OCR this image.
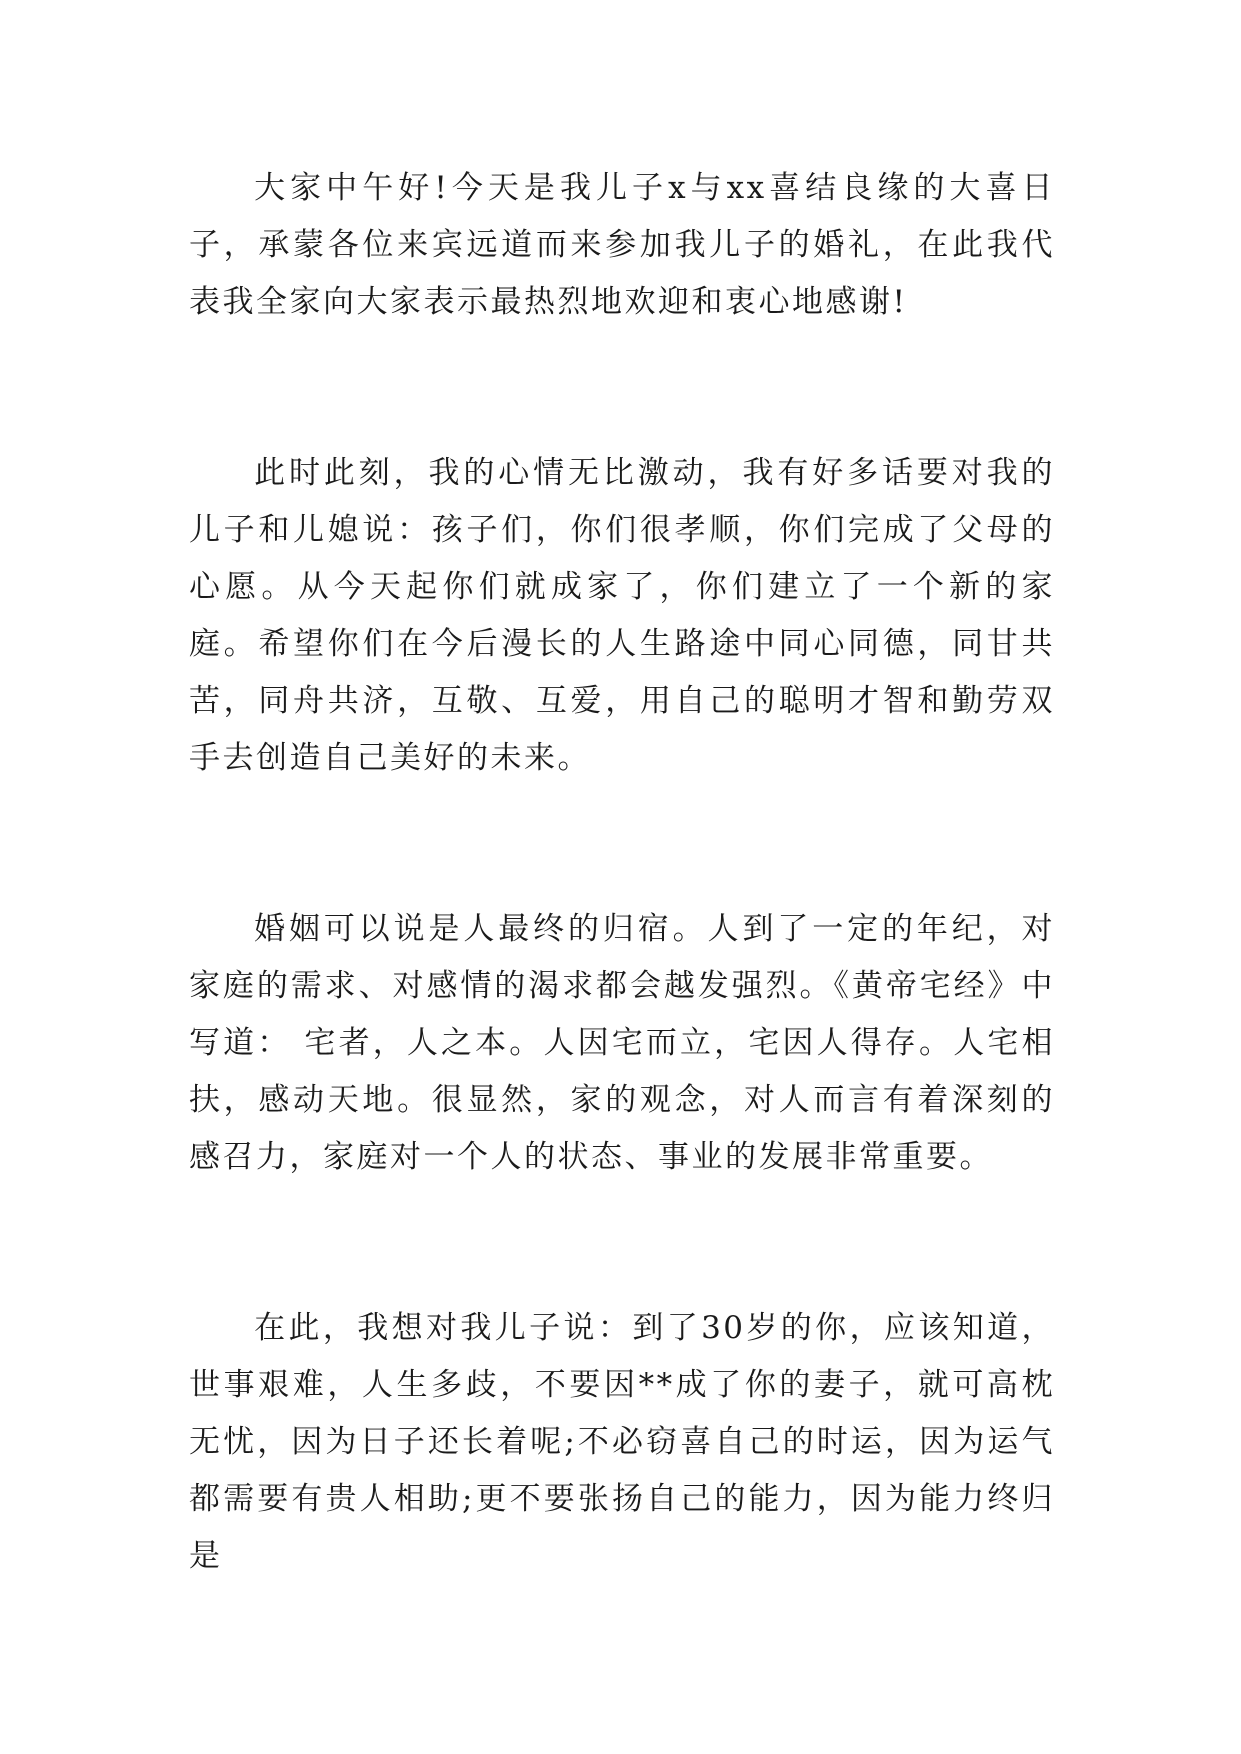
大家中午好!今天是我儿子x与xx喜结良缘的大喜日子，承蒙各位来宾远道而来参加我儿子的婚礼，在此我代表我全家向大家表示最热烈地欢迎和衷心地感谢!

此时此刻，我的心情无比激动，我有好多话要对我的儿子和儿媳说：孩子们，你们很孝顺，你们完成了父母的心愿。从今天起你们就成家了，你们建立了一个新的家庭。希望你们在今后漫长的人生路途中同心同德，同甘共苦，同舟共济，互敬、互爱，用自己的聪明才智和勤劳双手去创造自己美好的未来。

婚姻可以说是人最终的归宿。人到了一定的年纪，对家庭的需求、对感情的渴求都会越发强烈。《黄帝宅经》中写道： 宅者，人之本。人因宅而立，宅因人得存。人宅相扶，感动天地。很显然，家的观念，对人而言有着深刻的感召力，家庭对一个人的状态、事业的发展非常重要。

在此，我想对我儿子说：到了30岁的你，应该知道，世事艰难，人生多歧，不要因**成了你的妻子，就可高枕无忧，因为日子还长着呢;不必窃喜自己的时运，因为运气都需要有贵人相助;更不要张扬自己的能力，因为能力终归是
